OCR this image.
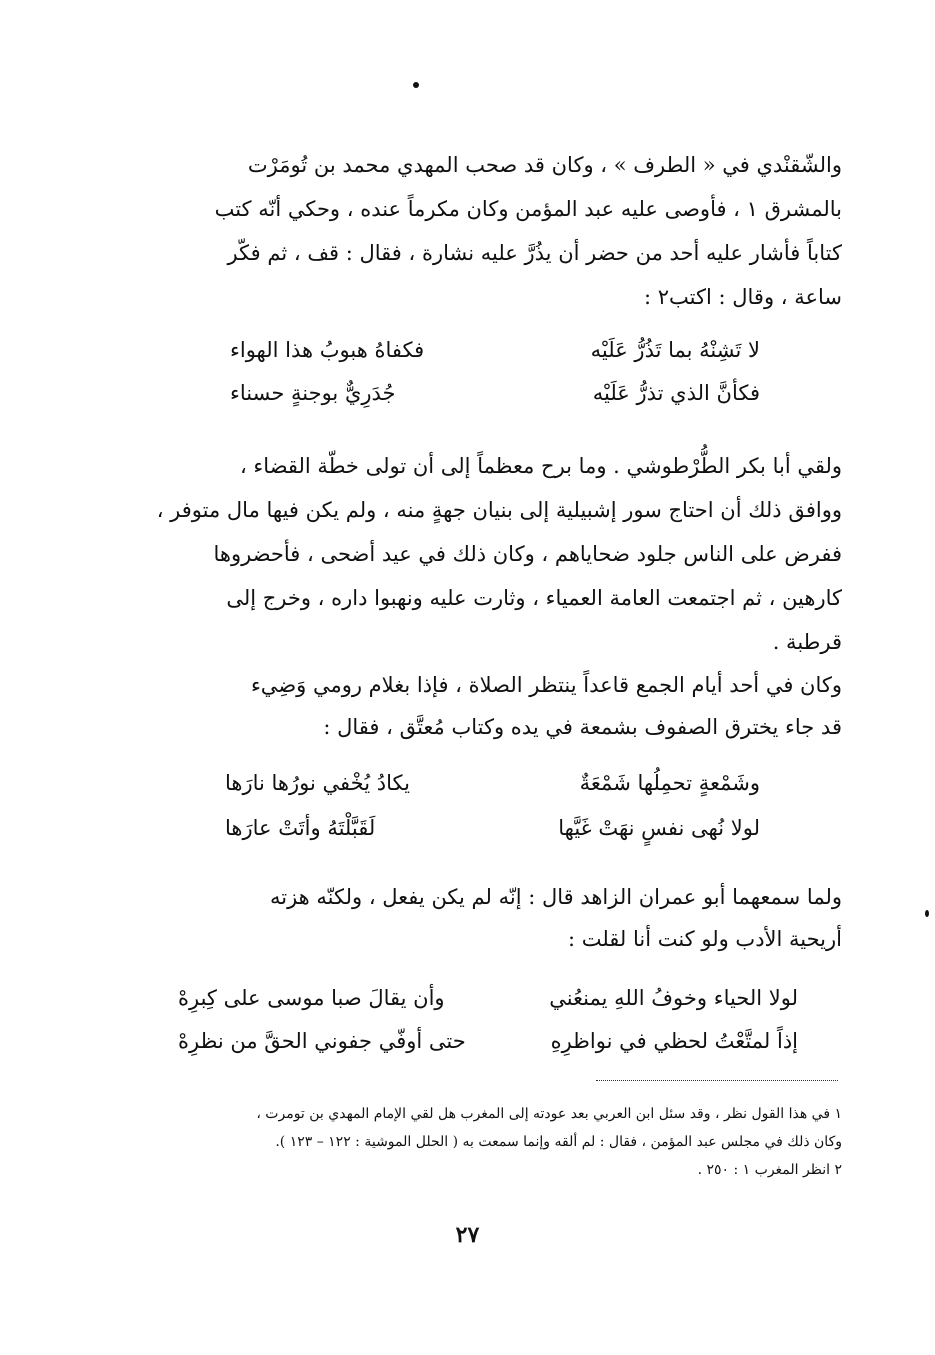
والشّقنْدي في « الطرف » ، وكان قد صحب المهدي محمد بن تُومَرْت
بالمشرق ١ ، فأوصى عليه عبد المؤمن وكان مكرماً عنده ، وحكي أنّه كتب
كتاباً فأشار عليه أحد من حضر أن يذُرَّ عليه نشارة ، فقال : قف ، ثم فكّر
ساعة ، وقال : اكتب٢ :
لا تَشِنْهُ بما تَذُرُّ عَلَيْه
فكفاهُ هبوبُ هذا الهواء
فكأنَّ الذي تذرُّ عَلَيْه
جُدَرِيٌّ بوجنةٍ حسناء
ولقي أبا بكر الطُّرْطوشي . وما برح معظماً إلى أن تولى خطّة القضاء ،
ووافق ذلك أن احتاج سور إشبيلية إلى بنيان جهةٍ منه ، ولم يكن فيها مال متوفر ،
ففرض على الناس جلود ضحاياهم ، وكان ذلك في عيد أضحى ، فأحضروها
كارهين ، ثم اجتمعت العامة العمياء ، وثارت عليه ونهبوا داره ، وخرج إلى
قرطبة .
وكان في أحد أيام الجمع قاعداً ينتظر الصلاة ، فإذا بغلام رومي وَضِيء
قد جاء يخترق الصفوف بشمعة في يده وكتاب مُعتَّق ، فقال :
وشَمْعةٍ تحمِلُها شَمْعَةٌ
يكادُ يُخْفي نورُها نارَها
لولا نُهى نفسٍ نهَتْ غَيَّها
لَقَبَّلْتَهُ وأتَتْ عارَها
ولما سمعهما أبو عمران الزاهد قال : إنّه لم يكن يفعل ، ولكنّه هزته
أريحية الأدب ولو كنت أنا لقلت :
لولا الحياء وخوفُ اللهِ يمنعُني
وأن يقالَ صبا موسى على كِبرِهْ
إذاً لمتَّعْتُ لحظي في نواظرِهِ
حتى أوفّي جفوني الحقَّ من نظرِهْ
١ في هذا القول نظر ، وقد سئل ابن العربي بعد عودته إلى المغرب هل لقي الإمام المهدي بن تومرت ،
وكان ذلك في مجلس عبد المؤمن ، فقال : لم ألقه وإنما سمعت به ( الحلل الموشية : ١٢٢ – ١٢٣ ).
٢ انظر المغرب ١ : ٢٥٠ .
٢٧
